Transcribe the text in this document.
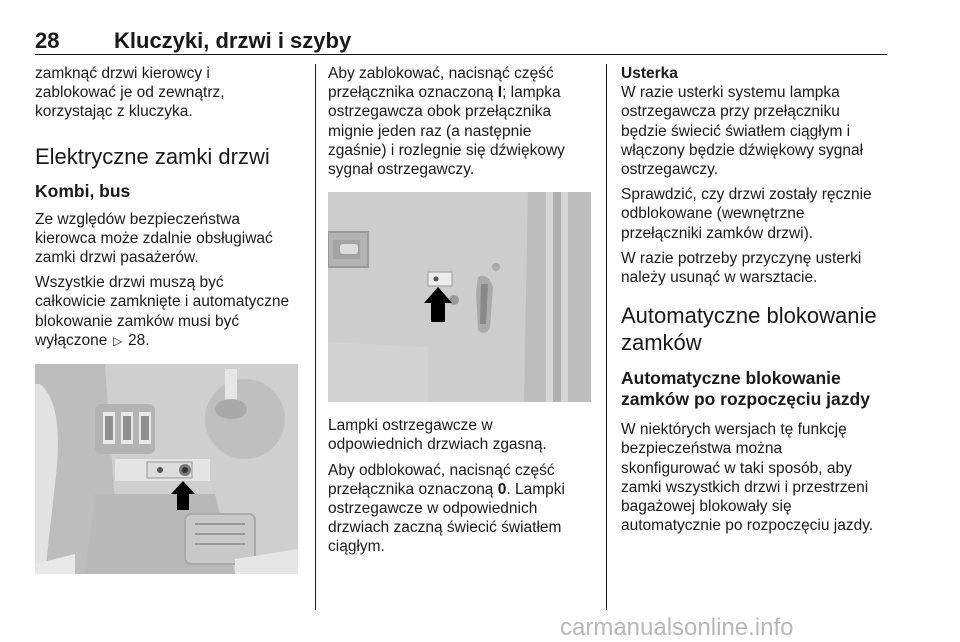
28 Kluczyki, drzwi i szyby

zamknąć drzwi kierowcy i
zablokować je od zewnątrz,
korzystając z kluczyka.

Elektryczne zamki drzwi
Kombi, bus

Ze względów bezpieczeństwa
kierowca może zdalnie obsługiwać
zamki drzwi pasażerów.

Wszystkie drzwi muszą być
całkowicie zamknięte i automatyczne
blokowanie zamków musi być
wyłączone ▷ 28.

Aby zablokować, nacisnąć część
przełącznika oznaczoną I; lampka
ostrzegawcza obok przełącznika
mignie jeden raz (a następnie
zgaśnie) i rozlegnie się dźwiękowy
sygnał ostrzegawczy.

Lampki ostrzegawcze w
odpowiednich drzwiach zgasną.

Aby odblokować, nacisnąć część
przełącznika oznaczoną 0. Lampki
ostrzegawcze w odpowiednich
drzwiach zaczną świecić światłem
ciągłym.

Usterka

W razie usterki systemu lampka
ostrzegawcza przy przełączniku
będzie świecić światłem ciągłym i
włączony będzie dźwiękowy sygnał
ostrzegawczy.

Sprawdzić, czy drzwi zostały ręcznie
odblokowane (wewnętrzne
przełączniki zamków drzwi).

W razie potrzeby przyczynę usterki
należy usunąć w warsztacie.

Automatyczne blokowanie
zamków
Automatyczne blokowanie
zamków po rozpoczęciu jazdy

W niektórych wersjach tę funkcję
bezpieczeństwa można
skonfigurować w taki sposób, aby
zamki wszystkich drzwi i przestrzeni
bagażowej blokowały się
automatycznie po rozpoczęciu jazdy.

carmanualsonline.info
